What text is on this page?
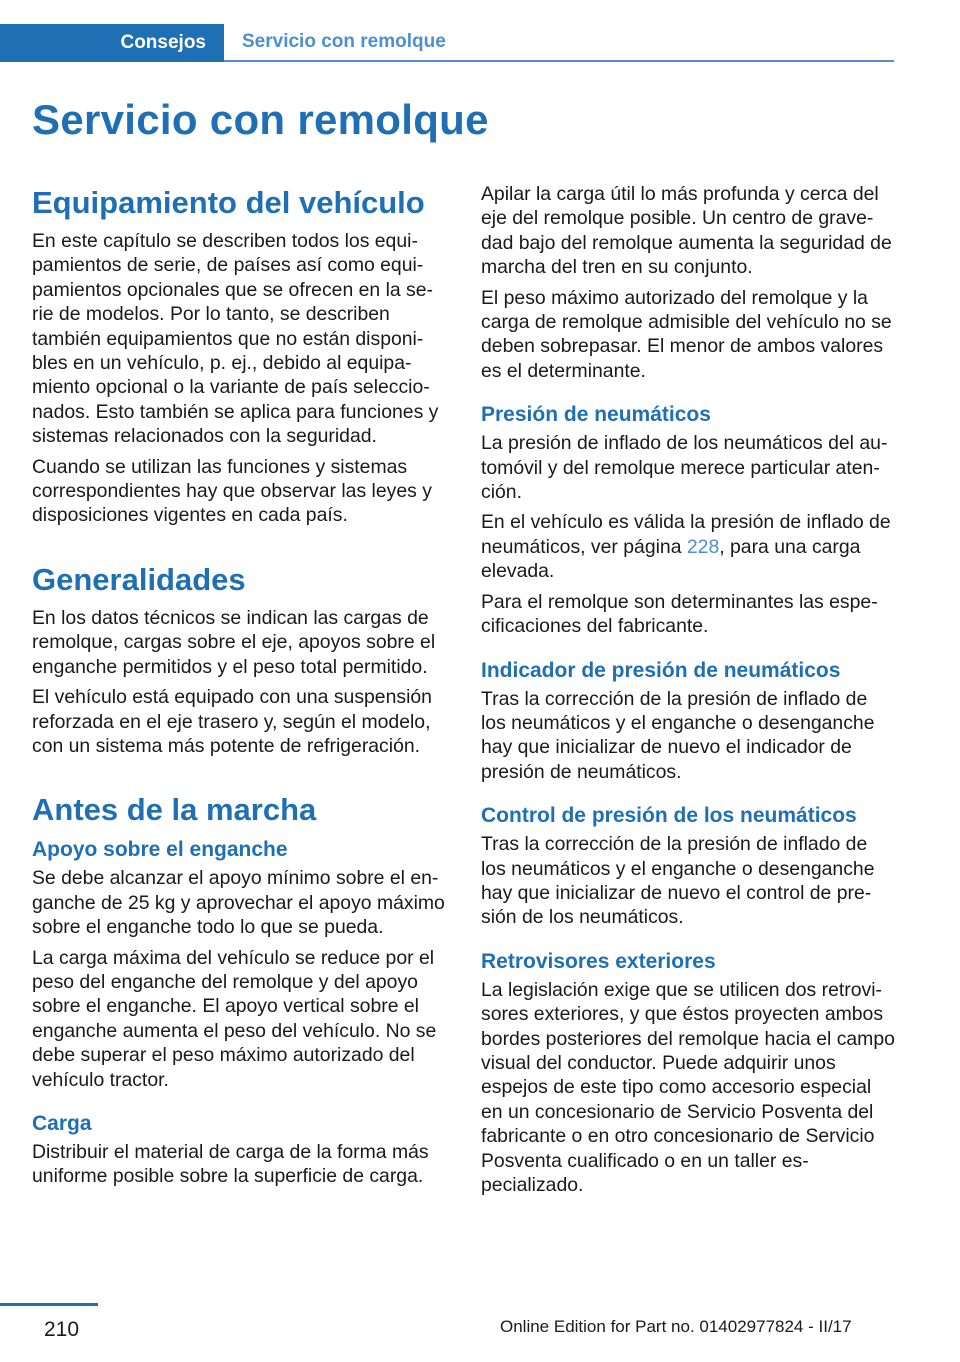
Consejos	Servicio con remolque
Servicio con remolque
Equipamiento del vehículo

En este capítulo se describen todos los equipamientos de serie, de países así como equipamientos opcionales que se ofrecen en la serie de modelos. Por lo tanto, se describen también equipamientos que no están disponibles en un vehículo, p. ej., debido al equipamiento opcional o la variante de país seleccionados. Esto también se aplica para funciones y sistemas relacionados con la seguridad.

Cuando se utilizan las funciones y sistemas correspondientes hay que observar las leyes y disposiciones vigentes en cada país.

Generalidades

En los datos técnicos se indican las cargas de remolque, cargas sobre el eje, apoyos sobre el enganche permitidos y el peso total permitido.

El vehículo está equipado con una suspensión reforzada en el eje trasero y, según el modelo, con un sistema más potente de refrigeración.

Antes de la marcha
Apoyo sobre el enganche

Se debe alcanzar el apoyo mínimo sobre el enganche de 25 kg y aprovechar el apoyo máximo sobre el enganche todo lo que se pueda.

La carga máxima del vehículo se reduce por el peso del enganche del remolque y del apoyo sobre el enganche. El apoyo vertical sobre el enganche aumenta el peso del vehículo. No se debe superar el peso máximo autorizado del vehículo tractor.

Carga

Distribuir el material de carga de la forma más uniforme posible sobre la superficie de carga.

Apilar la carga útil lo más profunda y cerca del eje del remolque posible. Un centro de gravedad bajo del remolque aumenta la seguridad de marcha del tren en su conjunto.

El peso máximo autorizado del remolque y la carga de remolque admisible del vehículo no se deben sobrepasar. El menor de ambos valores es el determinante.

Presión de neumáticos

La presión de inflado de los neumáticos del automóvil y del remolque merece particular atención.

En el vehículo es válida la presión de inflado de neumáticos, ver página 228, para una carga elevada.

Para el remolque son determinantes las especificaciones del fabricante.

Indicador de presión de neumáticos

Tras la corrección de la presión de inflado de los neumáticos y el enganche o desenganche hay que inicializar de nuevo el indicador de presión de neumáticos.

Control de presión de los neumáticos

Tras la corrección de la presión de inflado de los neumáticos y el enganche o desenganche hay que inicializar de nuevo el control de presión de los neumáticos.

Retrovisores exteriores

La legislación exige que se utilicen dos retrovisores exteriores, y que éstos proyecten ambos bordes posteriores del remolque hacia el campo visual del conductor. Puede adquirir unos espejos de este tipo como accesorio especial en un concesionario de Servicio Posventa del fabricante o en otro concesionario de Servicio Posventa cualificado o en un taller especializado.

210	Online Edition for Part no. 01402977824 - II/17
